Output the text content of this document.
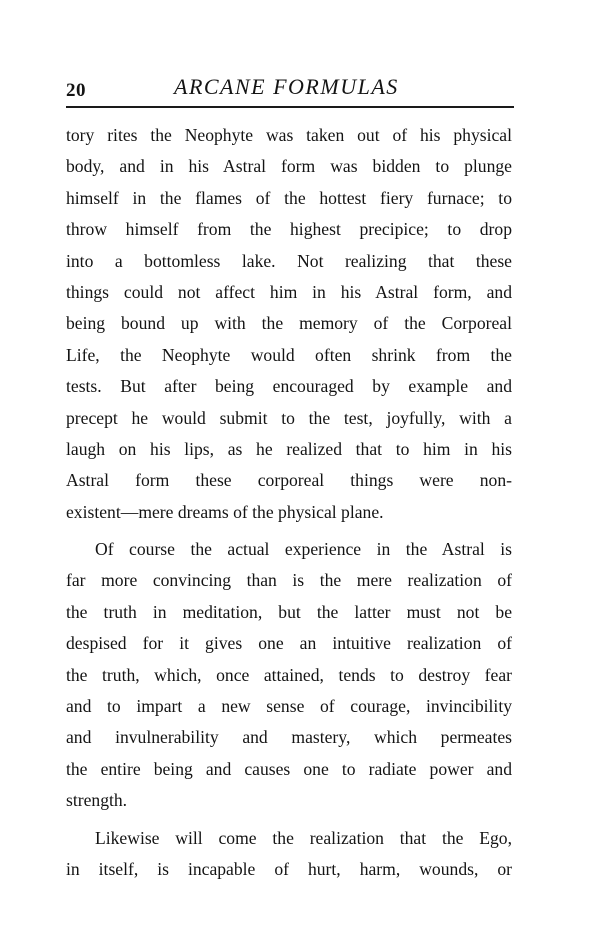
20	ARCANE FORMULAS
tory rites the Neophyte was taken out of his physical
body, and in his Astral form was bidden to plunge
himself in the flames of the hottest fiery furnace; to
throw himself from the highest precipice; to drop
into a bottomless lake. Not realizing that these
things could not affect him in his Astral form, and
being bound up with the memory of the Corporeal
Life, the Neophyte would often shrink from the
tests. But after being encouraged by example and
precept he would submit to the test, joyfully, with a
laugh on his lips, as he realized that to him in his
Astral form these corporeal things were non-
existent—mere dreams of the physical plane.
Of course the actual experience in the Astral is
far more convincing than is the mere realization of
the truth in meditation, but the latter must not be
despised for it gives one an intuitive realization of
the truth, which, once attained, tends to destroy fear
and to impart a new sense of courage, invincibility
and invulnerability and mastery, which permeates
the entire being and causes one to radiate power and
strength.
Likewise will come the realization that the Ego,
in itself, is incapable of hurt, harm, wounds, or
